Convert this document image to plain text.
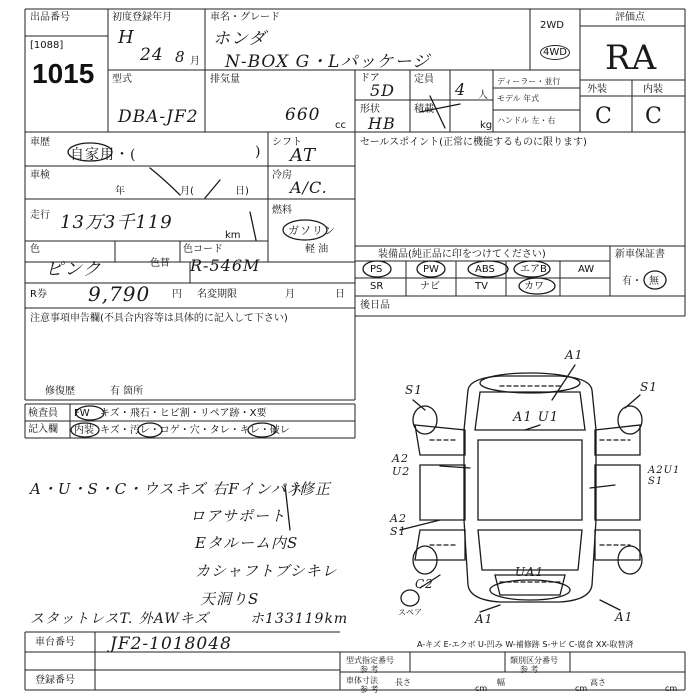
出品番号
[1088]
1015
初度登録年月
H
24 8 月
車名・グレード
ホンダ
N-BOX G・Lパッケージ
2WD
4WD
評価点
RA
型式
DBA-JF2
排気量
660
cc
ドア
5D
形状
HB
定員
4 人
積載
kg
ディーラー・並行
モデル 年式
ハンドル 左・右
外装	内装
C C
車歴
自家用・(	)
シフト
AT
車検
年	月(	日)
冷房
A/C.
走行 13万3千119
km
燃料
ガソリン
軽 油
色
ピンク	色替
色コード
R-546M
R券 9,790 円 名変期限	月	日
注意事項申告欄(不具合内容等は具体的に記入して下さい)
修復歴	有 箇所
セールスポイント(正常に機能するものに限ります)
装備品(純正品に印をつけてください)	新車保証書
有・ 無
PS	PW	ABS	エアB	AW
SR	ナビ	TV	カワ
後日品
検査員
記入欄
FW キズ・飛石・ヒビ割・リペア跡・X要
内装 キズ・汚レ・コゲ・穴・タレ・キレ・破レ
A・U・S・C・ウスキズ 右Fインパネ
)修正
ロアサポート
Eタルーム内S
カシャフトブシキレ
天洞りS
スタットレスT. 外AWキズ	ホ133119km
A1
S1	S1
A1 U1
A2 U2	A2U1 S1
A2 S1
UA1
C2
スペア	A1	A1
A-キズ E-エクボ U-凹み W-補修跡 S-サビ C-腐食 XX-取替済
車台番号 JF2-1018048
登録番号
型式指定番号
参 考
類別区分番号
参 考
車体寸法
参 考
長さ
cm
幅
cm
高さ
cm
